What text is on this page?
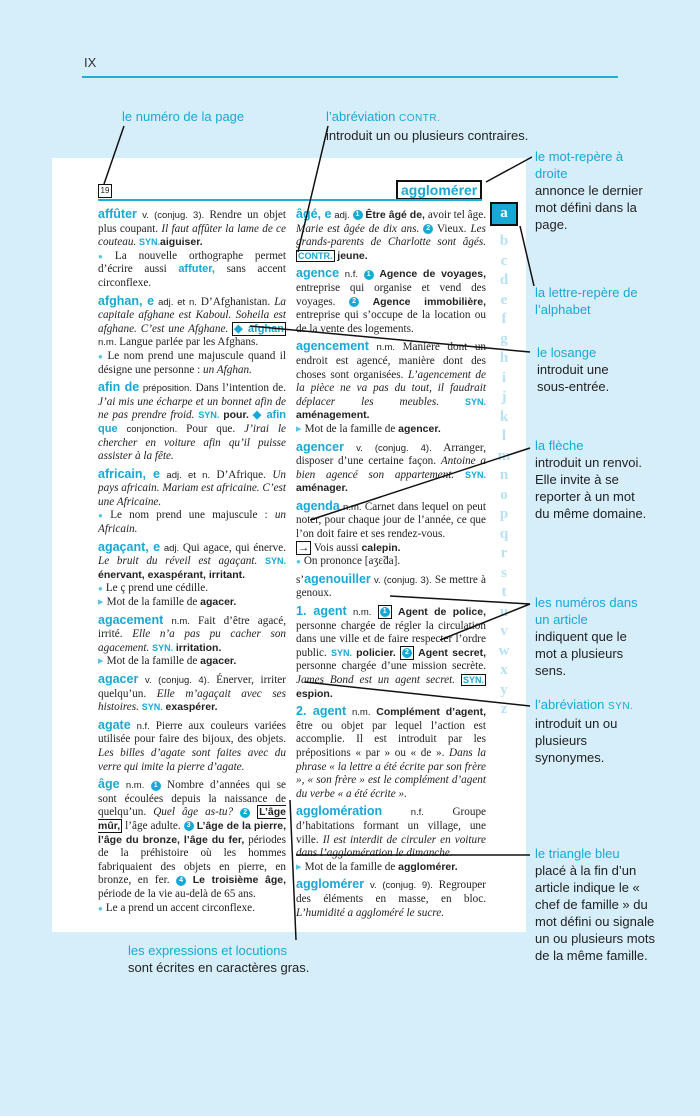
IX
le numéro de la page	l’abréviation CONTR.
introduit un ou plusieurs contraires.
19	agglomérer
affûter v. (conjug. 3). Rendre un objet plus coupant. Il faut affûter la lame de ce couteau. SYN.aiguiser.
● La nouvelle orthographe permet d’écrire aussi affuter, sans accent circonflexe.
afghan, e adj. et n. D’Afghanistan. La capitale afghane est Kaboul. Soheila est afghane. C’est une Afghane. ◆ afghan n.m. Langue parlée par les Afghans.
● Le nom prend une majuscule quand il désigne une personne : un Afghan.
afin de préposition. Dans l’intention de. J’ai mis une écharpe et un bonnet afin de ne pas prendre froid. SYN. pour. ◆ afin que conjonction. Pour que. J’irai le chercher en voiture afin qu’il puisse assister à la fête.
africain, e adj. et n. D’Afrique. Un pays africain. Mariam est africaine. C’est une Africaine.
● Le nom prend une majuscule : un Africain.
agaçant, e adj. Qui agace, qui énerve. Le bruit du réveil est agaçant. SYN. énervant, exaspérant, irritant.
● Le ç prend une cédille.
▸ Mot de la famille de agacer.
agacement n.m. Fait d’être agacé, irrité. Elle n’a pas pu cacher son agacement. SYN. irritation.
▸ Mot de la famille de agacer.
agacer v. (conjug. 4). Énerver, irriter quelqu’un. Elle m’agaçait avec ses histoires. SYN. exaspérer.
agate n.f. Pierre aux couleurs variées utilisée pour faire des bijoux, des objets. Les billes d’agate sont faites avec du verre qui imite la pierre d’agate.
âge n.m. 1 Nombre d’années qui se sont écoulées depuis la naissance de quelqu’un. Quel âge as-tu? 2 L’âge mûr, l’âge adulte. 3 L’âge de la pierre, l’âge du bronze, l’âge du fer, périodes de la préhistoire où les hommes fabriquaient des objets en pierre, en bronze, en fer. 4 Le troisième âge, période de la vie au-delà de 65 ans.
● Le a prend un accent circonflexe.
âgé, e adj. 1 Être âgé de, avoir tel âge. Marie est âgée de dix ans. 2 Vieux. Les grands-parents de Charlotte sont âgés. CONTR. jeune.
agence n.f. 1 Agence de voyages, entreprise qui organise et vend des voyages. 2 Agence immobilière, entreprise qui s’occupe de la location ou de la vente des logements.
agencement n.m. Manière dont un endroit est agencé, manière dont des choses sont organisées. L’agencement de la pièce ne va pas du tout, il faudrait déplacer les meubles.	SYN. aménagement.
▸ Mot de la famille de agencer.
agencer v. (conjug. 4). Arranger, disposer d’une certaine façon. Antoine a bien agencé son appartement. SYN. aménager.
agenda n.m. Carnet dans lequel on peut noter, pour chaque jour de l’année, ce que l’on doit faire et ses rendez-vous.
→ Vois aussi calepin.
● On prononce [aʒɛ̃da].
s’agenouiller v. (conjug. 3). Se mettre à genoux.
1. agent n.m. 1 Agent de police, personne chargée de régler la circulation dans une ville et de faire respecter l’ordre public. SYN. policier. 2 Agent secret, personne chargée d’une mission secrète. James Bond est un agent secret. SYN. espion.
2. agent n.m. Complément d’agent, être ou objet par lequel l’action est accomplie. Il est introduit par les prépositions « par » ou « de ». Dans la phrase « la lettre a été écrite par son frère », « son frère » est le complément d’agent du verbe « a été écrite ».
agglomération	n.f.	Groupe d’habitations formant un village, une ville. Il est interdit de circuler en voiture dans l’agglomération le dimanche.
▸ Mot de la famille de agglomérer.
agglomérer v. (conjug. 9). Regrouper des éléments en masse, en bloc. L’humidité a aggloméré le sucre.
a
b
c
d
e
f
g
h
i
j
k
l
m
n
o
p
q
r
s
t
u
v
w
x
y
z
le mot-repère à droite
annonce le dernier mot défini dans la page.
la lettre-repère de l’alphabet
le losange
introduit une sous-entrée.
la flèche
introduit un renvoi. Elle invite à se reporter à un mot du même domaine.
les numéros dans un article
indiquent que le mot a plusieurs sens.
l’abréviation SYN.
introduit un ou plusieurs synonymes.
le triangle bleu
placé à la fin d’un article indique le « chef de famille » du mot défini ou signale un ou plusieurs mots de la même famille.
les expressions et locutions
sont écrites en caractères gras.
